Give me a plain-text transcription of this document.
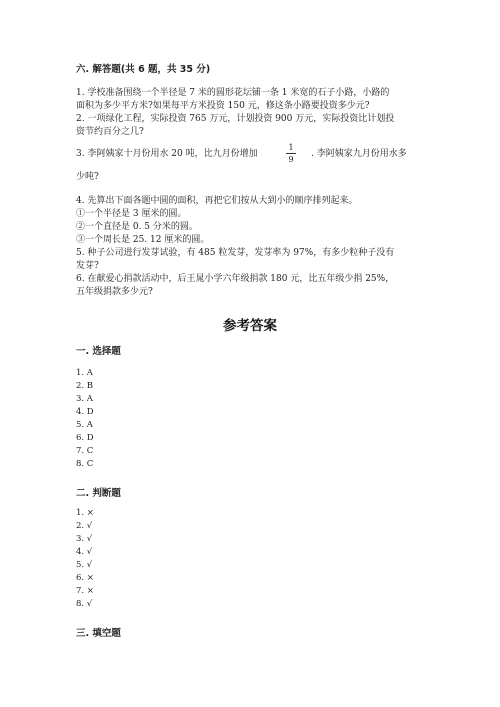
六. 解答题(共 6 题，共 35 分)
1. 学校准备围绕一个半径是 7 米的圆形花坛铺一条 1 米宽的石子小路，小路的
面积为多少平方米?如果每平方米投资 150 元，修这条小路要投资多少元?
2. 一项绿化工程，实际投资 765 万元，计划投资 900 万元，实际投资比计划投
资节约百分之几?
3. 李阿姨家十月份用水 20 吨，比九月份增加
1
9
. 李阿姨家九月份用水多
少吨?
4. 先算出下面各题中圆的面积，再把它们按从大到小的顺序排列起来。
①一个半径是 3 厘米的圆。
②一个直径是 0. 5 分米的圆。
③一个周长是 25. 12 厘米的圆。
5. 种子公司进行发芽试验，有 485 粒发芽，发芽率为 97%，有多少粒种子没有
发芽?
6. 在献爱心捐款活动中，后王晁小学六年级捐款 180 元，比五年级少捐 25%，
五年级捐款多少元?
参考答案
一. 选择题
1. A
2. B
3. A
4. D
5. A
6. D
7. C
8. C
二. 判断题
1. ×
2. √
3. √
4. √
5. √
6. ×
7. ×
8. √
三. 填空题
